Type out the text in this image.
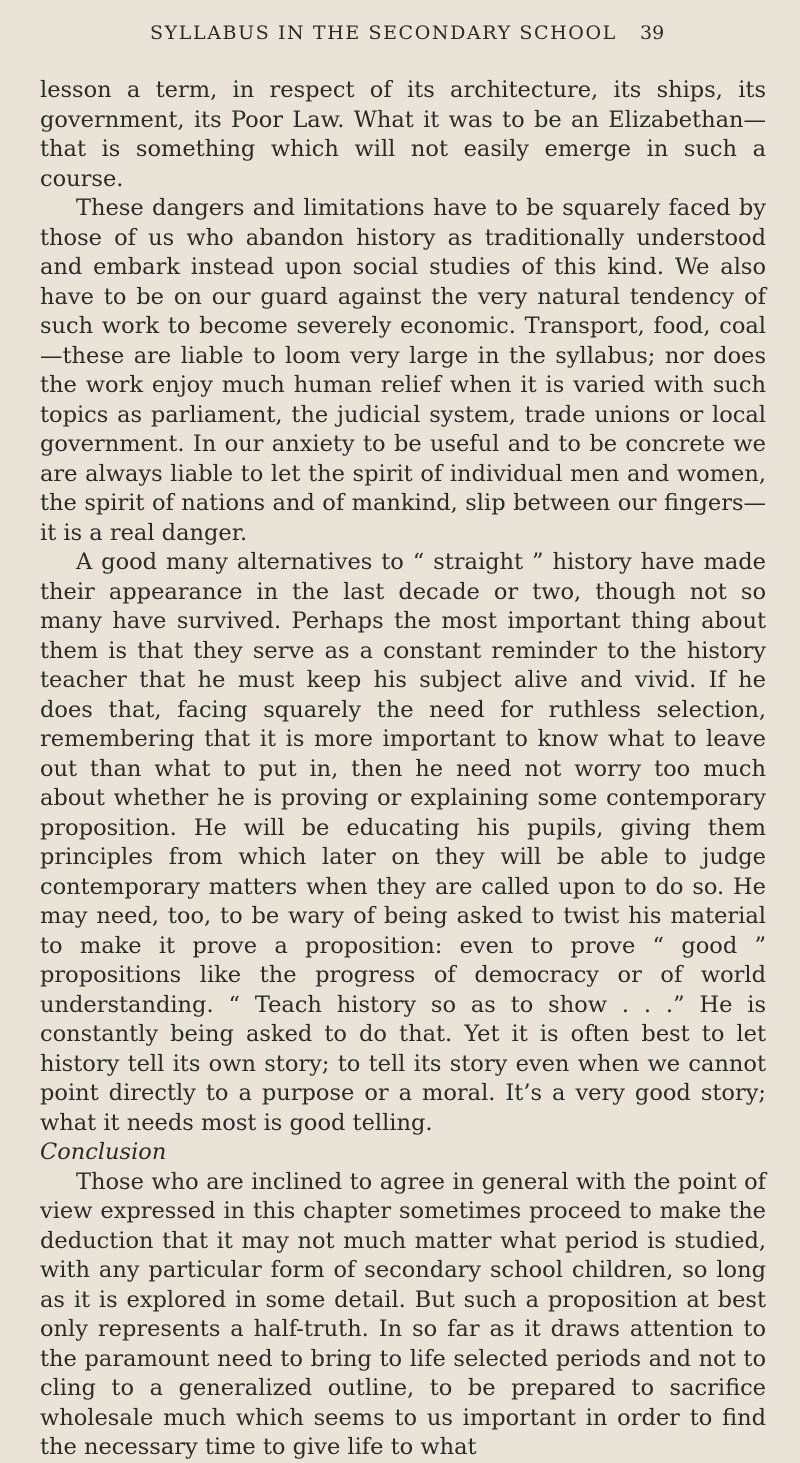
SYLLABUS IN THE SECONDARY SCHOOL	39

lesson a term, in respect of its architecture, its ships, its government, its Poor Law. What it was to be an Elizabethan—that is something which will not easily emerge in such a course.

These dangers and limitations have to be squarely faced by those of us who abandon history as traditionally understood and embark instead upon social studies of this kind. We also have to be on our guard against the very natural tendency of such work to become severely economic. Transport, food, coal—these are liable to loom very large in the syllabus; nor does the work enjoy much human relief when it is varied with such topics as parliament, the judicial system, trade unions or local government. In our anxiety to be useful and to be concrete we are always liable to let the spirit of individual men and women, the spirit of nations and of mankind, slip between our fingers—it is a real danger.

A good many alternatives to “ straight ” history have made their appearance in the last decade or two, though not so many have survived. Perhaps the most important thing about them is that they serve as a constant reminder to the history teacher that he must keep his subject alive and vivid. If he does that, facing squarely the need for ruthless selection, remembering that it is more important to know what to leave out than what to put in, then he need not worry too much about whether he is proving or explaining some contemporary proposition. He will be educating his pupils, giving them principles from which later on they will be able to judge contemporary matters when they are called upon to do so. He may need, too, to be wary of being asked to twist his material to make it prove a proposition: even to prove “ good ” propositions like the progress of democracy or of world understanding. “ Teach history so as to show . . .” He is constantly being asked to do that. Yet it is often best to let history tell its own story; to tell its story even when we cannot point directly to a purpose or a moral. It’s a very good story; what it needs most is good telling.

Conclusion

Those who are inclined to agree in general with the point of view expressed in this chapter sometimes proceed to make the deduction that it may not much matter what period is studied, with any particular form of secondary school children, so long as it is explored in some detail. But such a proposition at best only represents a half-truth. In so far as it draws attention to the paramount need to bring to life selected periods and not to cling to a generalized outline, to be prepared to sacrifice wholesale much which seems to us important in order to find the necessary time to give life to what
